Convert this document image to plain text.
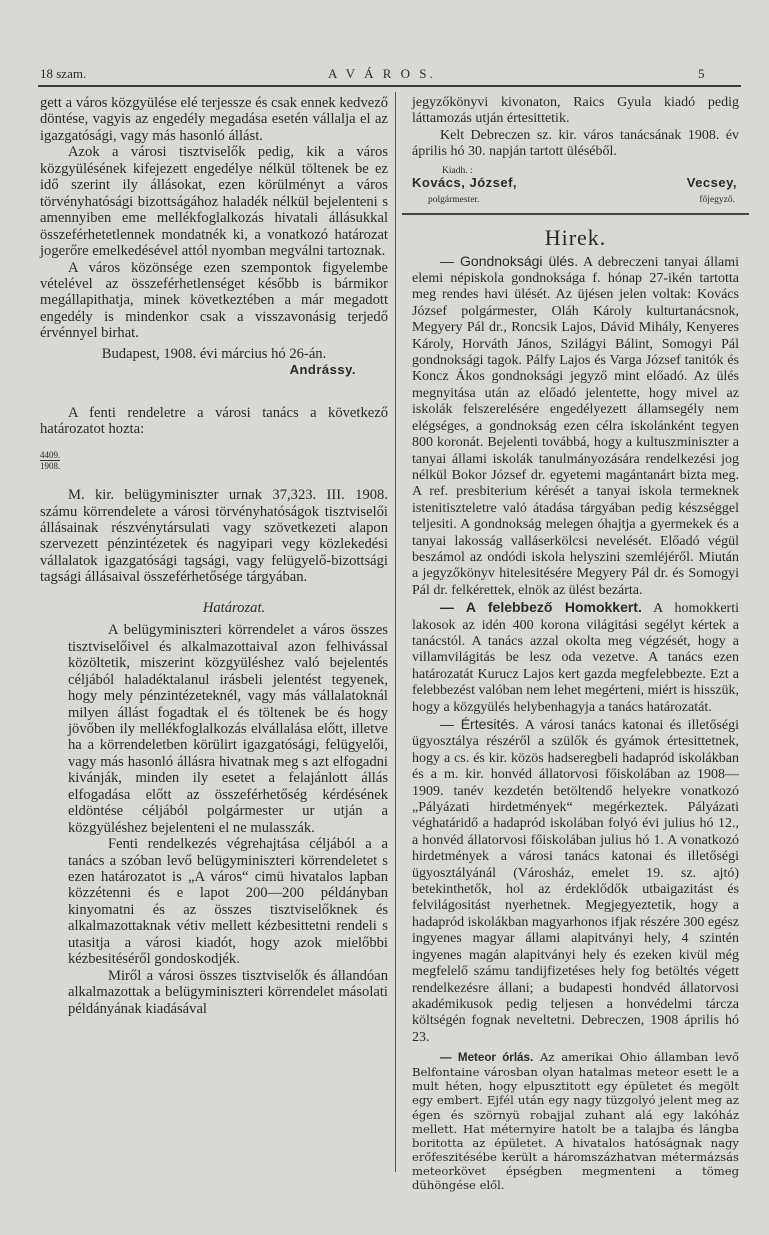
18 szam.	A V Á R O S.	5

gett a város közgyülése elé terjessze és csak ennek kedvező döntése, vagyis az engedély megadása esetén vállalja el az igazgatósági, vagy más hasonló állást.

Azok a városi tisztviselők pedig, kik a város közgyülésének kifejezett engedélye nélkül töltenek be ez idő szerint ily állásokat, ezen körülményt a város törvényhatósági bizottságához haladék nélkül bejelenteni s amennyiben eme mellékfoglalkozás hivatali állásukkal összeférhetetlennek mondatnék ki, a vonatkozó határozat jogerőre emelkedésével attól nyomban megválni tartoznak.

A város közönsége ezen szempontok figyelembe vételével az összeférhetlenséget később is bármikor megállapithatja, minek következtében a már megadott engedély is mindenkor csak a visszavonásig terjedő érvénnyel birhat.

Budapest, 1908. évi március hó 26-án.

Andrássy.

A fenti rendeletre a városi tanács a következő határozatot hozta:

$\frac{4409.}{1908.}$

M. kir. belügyminiszter urnak 37,323. III. 1908. számu körrendelete a városi törvényhatóságok tisztviselői állásainak részvénytársulati vagy szövetkezeti alapon szervezett pénzintézetek és nagyipari vegy közlekedési vállalatok igazgatósági tagsági, vagy felügyelő-bizottsági tagsági állásaival összeférhetősége tárgyában.

Határozat.

A belügyminiszteri körrendelet a város összes tisztviselőivel és alkalmazottaival azon felhivással közöltetik, miszerint közgyüléshez való bejelentés céljából haladéktalanul irásbeli jelentést tegyenek, hogy mely pénzintézeteknél, vagy más vállalatoknál milyen állást fogadtak el és töltenek be és hogy jövőben ily mellékfoglalkozás elvállalása előtt, illetve ha a körrendeletben körülirt igazgatósági, felügyelői, vagy más hasonló állásra hivatnak meg s azt elfogadni kivánják, minden ily esetet a felajánlott állás elfogadása előtt az összeférhetőség kérdésének eldöntése céljából polgármester ur utján a közgyüléshez bejelenteni el ne mulasszák.

Fenti rendelkezés végrehajtása céljából a a tanács a szóban levő belügyminiszteri körrendeletet s ezen határozatot is „A város“ cimü hivatalos lapban közzétenni és e lapot 200—200 példányban kinyomatni és az összes tisztviselőknek és alkalmazottaknak vétiv mellett kézbesittetni rendeli s utasitja a városi kiadót, hogy azok mielőbbi kézbesitéséről gondoskodjék.

Miről a városi összes tisztviselők és állandóan alkalmazottak a belügyminiszteri körrendelet másolati példányának kiadásával

jegyzőkönyvi kivonaton, Raics Gyula kiadó pedig láttamozás utján értesittetik.

Kelt Debreczen sz. kir. város tanácsának 1908. év április hó 30. napján tartott üléséből.

Kiadh. :
Kovács, József,
polgármester.
Vecsey,
főjegyző.

Hirek.

— Gondnoksági ülés. A debreczeni tanyai állami elemi népiskola gondnoksága f. hónap 27-ikén tartotta meg rendes havi ülését. Az üjésen jelen voltak: Kovács József polgármester, Oláh Károly kulturtanácsnok, Megyery Pál dr., Roncsik Lajos, Dávid Mihály, Kenyeres Károly, Horváth János, Szilágyi Bálint, Somogyi Pál gondnoksági tagok. Pálfy Lajos és Varga József tanitók és Koncz Ákos gondnoksági jegyző mint előadó. Az ülés megnyitása után az előadó jelentette, hogy mivel az iskolák felszerelésére engedélyezett államsegély nem elégséges, a gondnokság ezen célra iskolánként tegyen 800 koronát. Bejelenti továbbá, hogy a kultuszminiszter a tanyai állami iskolák tanulmányozására rendelkezési jog nélkül Bokor József dr. egyetemi magántanárt bizta meg. A ref. presbiterium kérését a tanyai iskola termeknek istenitiszteletre való átadása tárgyában pedig készséggel teljesiti. A gondnokság melegen óhajtja a gyermekek és a tanyai lakosság valláserkölcsi nevelését. Előadó végül beszámol az ondódi iskola helyszini szemléjéről. Miután a jegyzőkönyv hitelesitésére Megyery Pál dr. és Somogyi Pál dr. felkérettek, elnök az ülést bezárta.

— A felebbező Homokkert. A homokkerti lakosok az idén 400 korona világitási segélyt kértek a tanácstól. A tanács azzal okolta meg végzését, hogy a villamvilágitás be lesz oda vezetve. A tanács ezen határozatát Kurucz Lajos kert gazda megfelebbezte. Ezt a felebbezést valóban nem lehet megérteni, miért is hisszük, hogy a közgyülés helybenhagyja a tanács határozatát.

— Értesités. A városi tanács katonai és illetőségi ügyosztálya részéről a szülők és gyámok értesittetnek, hogy a cs. és kir. közös hadseregbeli hadapród iskolákban és a m. kir. honvéd állatorvosi főiskolában az 1908—1909. tanév kezdetén betöltendő helyekre vonatkozó „Pályázati hirdetmények“ megérkeztek. Pályázati véghatáridő a hadapród iskolában folyó évi julius hó 12., a honvéd állatorvosi főiskolában julius hó 1. A vonatkozó hirdetmények a városi tanács katonai és illetőségi ügyosztályánál (Városház, emelet 19. sz. ajtó) betekinthetők, hol az érdeklődők utbaigazitást és felvilágositást nyerhetnek. Megjegyeztetik, hogy a hadapród iskolákban magyarhonos ifjak részére 300 egész ingyenes magyar állami alapitványi hely, 4 szintén ingyenes magán alapitványi hely és ezeken kivül még megfelelő számu tandijfizetéses hely fog betöltés végett rendelkezésre állani; a budapesti hondvéd állatorvosi akadémikusok pedig teljesen a honvédelmi tárcza költségén fognak neveltetni. Debreczen, 1908 április hó 23.

— Meteor órlás. Az amerikai Ohio államban levő Belfontaine városban olyan hatalmas meteor esett le a mult héten, hogy elpusztitott egy épületet és megölt egy embert. Ejfél után egy nagy tüzgolyó jelent meg az égen és szörnyü robajjal zuhant alá egy lakóház mellett. Hat méternyire hatolt be a talajba és lángba boritotta az épületet. A hivatalos hatóságnak nagy erőfeszitésébe került a háromszázhatvan métermázsás meteorkövet épségben megmenteni a tömeg dühöngése elől.
